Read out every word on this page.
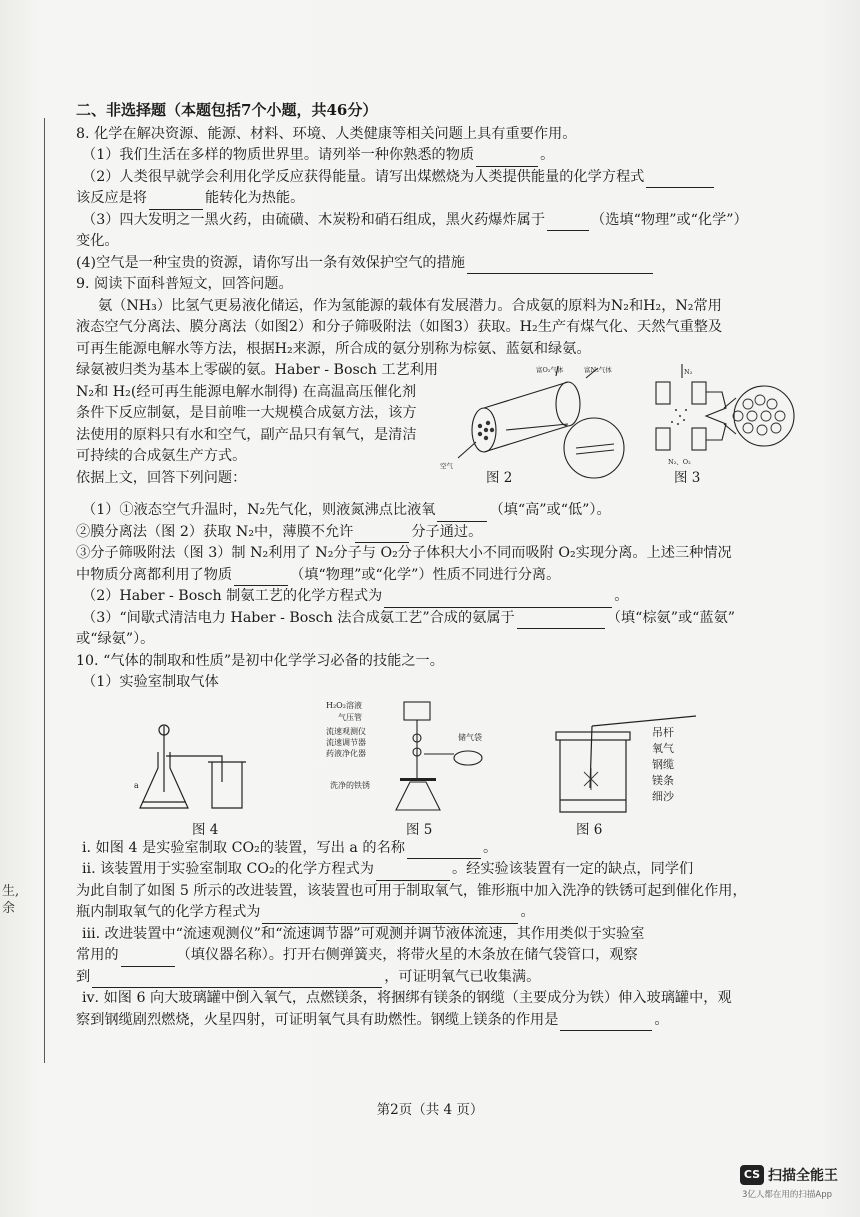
生,
余
二、非选择题（本题包括7个小题，共46分）
8. 化学在解决资源、能源、材料、环境、人类健康等相关问题上具有重要作用。
（1）我们生活在多样的物质世界里。请列举一种你熟悉的物质	。
（2）人类很早就学会利用化学反应获得能量。请写出煤燃烧为人类提供能量的化学方程式
该反应是将	能转化为热能。
（3）四大发明之一黑火药，由硫磺、木炭粉和硝石组成，黑火药爆炸属于	（选填“物理”或“化学”）
变化。
(4)空气是一种宝贵的资源，请你写出一条有效保护空气的措施
9. 阅读下面科普短文，回答问题。
氨（NH₃）比氢气更易液化储运，作为氢能源的载体有发展潜力。合成氨的原料为N₂和H₂，N₂常用
液态空气分离法、膜分离法（如图2）和分子筛吸附法（如图3）获取。H₂生产有煤气化、天然气重整及
可再生能源电解水等方法，根据H₂来源，所合成的氨分别称为棕氨、蓝氨和绿氨。
绿氨被归类为基本上零碳的氨。Haber - Bosch 工艺利用
N₂和 H₂(经可再生能源电解水制得) 在高温高压催化剂
条件下反应制氨，是目前唯一大规模合成氨方法，该方
法使用的原料只有水和空气，副产品只有氧气，是清洁
可持续的合成氨生产方式。
依据上文，回答下列问题：
富O₂气体	富N₂气体
空气
图 2
N₂
N₂、O₂
图 3
（1）①液态空气升温时，N₂先气化，则液氮沸点比液氧	（填“高”或“低”）。
②膜分离法（图 2）获取 N₂中，薄膜不允许	分子通过。
③分子筛吸附法（图 3）制 N₂利用了 N₂分子与 O₂分子体积大小不同而吸附 O₂实现分离。上述三种情况
中物质分离都利用了物质	（填“物理”或“化学”）性质不同进行分离。
（2）Haber - Bosch 制氨工艺的化学方程式为	。
（3）“间歇式清洁电力 Haber - Bosch 法合成氨工艺”合成的氨属于	（填“棕氨”或“蓝氨”
或“绿氨”）。
10. “气体的制取和性质”是初中化学学习必备的技能之一。
（1）实验室制取气体
a
图 4
H₂O₂溶液
气压管
流速观测仪
流速调节器
药液净化器
储气袋
洗净的铁锈
图 5
吊杆
氧气
钢缆
镁条
细沙
图 6
ⅰ. 如图 4 是实验室制取 CO₂的装置，写出 a 的名称	。
ⅱ. 该装置用于实验室制取 CO₂的化学方程式为	。经实验该装置有一定的缺点，同学们
为此自制了如图 5 所示的改进装置，该装置也可用于制取氧气，锥形瓶中加入洗净的铁锈可起到催化作用，
瓶内制取氧气的化学方程式为	。
ⅲ. 改进装置中“流速观测仪”和“流速调节器”可观测并调节液体流速，其作用类似于实验室
常用的	（填仪器名称）。打开右侧弹簧夹，将带火星的木条放在储气袋管口，观察
到	，可证明氧气已收集满。
ⅳ. 如图 6 向大玻璃罐中倒入氧气，点燃镁条，将捆绑有镁条的钢缆（主要成分为铁）伸入玻璃罐中，观
察到钢缆剧烈燃烧，火星四射，可证明氧气具有助燃性。钢缆上镁条的作用是	。
第2页（共 4 页）
CS 扫描全能王
3亿人都在用的扫描App
